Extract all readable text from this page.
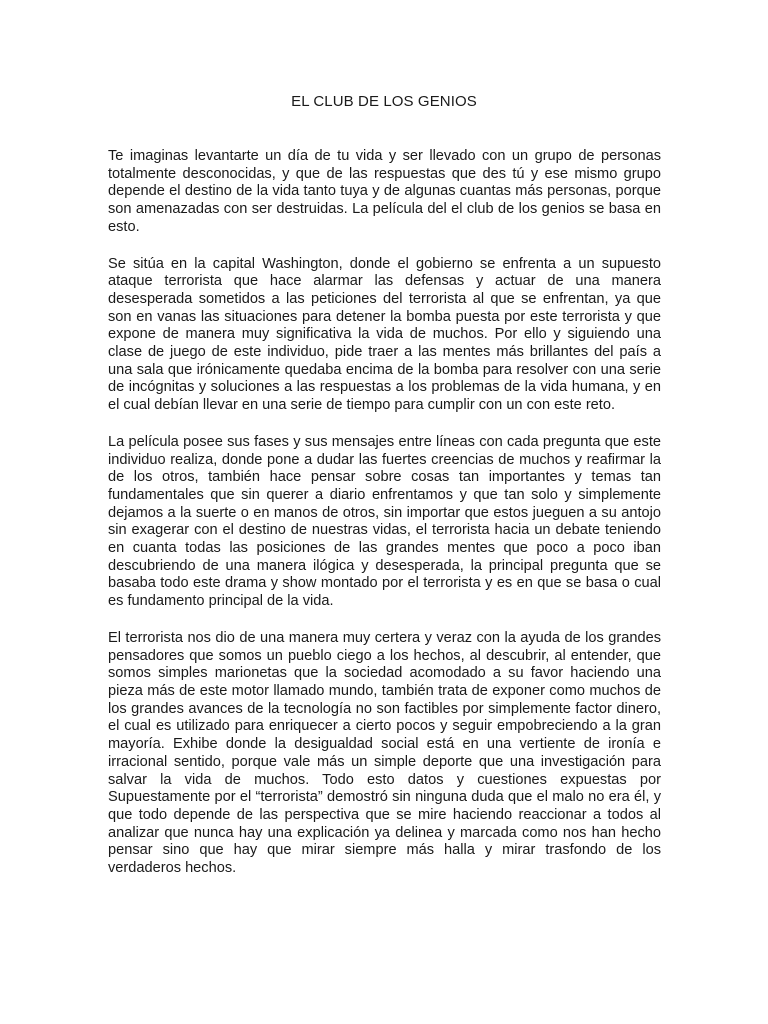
EL CLUB DE LOS GENIOS

Te imaginas levantarte un día de tu vida y ser llevado con un grupo de personas totalmente desconocidas, y que de las respuestas que des tú y ese mismo grupo depende el destino de la vida tanto tuya y de algunas cuantas más personas, porque son amenazadas con ser destruidas. La película del el club de los genios se basa en esto.

Se sitúa en la capital Washington, donde el gobierno se enfrenta a un supuesto ataque terrorista que hace alarmar las defensas y actuar de una manera desesperada sometidos a las peticiones del terrorista al que se enfrentan, ya que son en vanas las situaciones para detener la bomba puesta por este terrorista y que expone de manera muy significativa la vida de muchos. Por ello y siguiendo una clase de juego de este individuo, pide traer a las mentes más brillantes del país a una sala que irónicamente quedaba encima de la bomba para resolver con una serie de incógnitas y soluciones a las respuestas a los problemas de la vida humana, y en el cual debían llevar en una serie de tiempo para cumplir con un con este reto.

La película posee sus fases y sus mensajes entre líneas con cada pregunta que este individuo realiza, donde pone a dudar las fuertes creencias de muchos y reafirmar la de los otros, también hace pensar sobre cosas tan importantes y temas tan fundamentales que sin querer a diario enfrentamos y que tan solo y simplemente dejamos a la suerte o en manos de otros, sin importar que estos jueguen a su antojo sin exagerar con el destino de nuestras vidas, el terrorista hacia un debate teniendo en cuanta todas las posiciones de las grandes mentes que poco a poco iban descubriendo de una manera ilógica y desesperada, la principal pregunta que se basaba todo este drama y show montado por el terrorista y es en que se basa o cual es fundamento principal de la vida.

El terrorista nos dio de una manera muy certera y veraz con la ayuda de los grandes pensadores que somos un pueblo ciego a los hechos, al descubrir, al entender, que somos simples marionetas que la sociedad acomodado a su favor haciendo una pieza más de este motor llamado mundo, también trata de exponer como muchos de los grandes avances de la tecnología no son factibles por simplemente factor dinero, el cual es utilizado para enriquecer a cierto pocos y seguir empobreciendo a la gran mayoría. Exhibe donde la desigualdad social está en una vertiente de ironía e irracional sentido, porque vale más un simple deporte que una investigación para salvar la vida de muchos. Todo esto datos y cuestiones expuestas por Supuestamente por el “terrorista” demostró sin ninguna duda que el malo no era él, y que todo depende de las perspectiva que se mire haciendo reaccionar a todos al analizar que nunca hay una explicación ya delinea y marcada como nos han hecho pensar sino que hay que mirar siempre más halla y mirar trasfondo de los verdaderos hechos.
